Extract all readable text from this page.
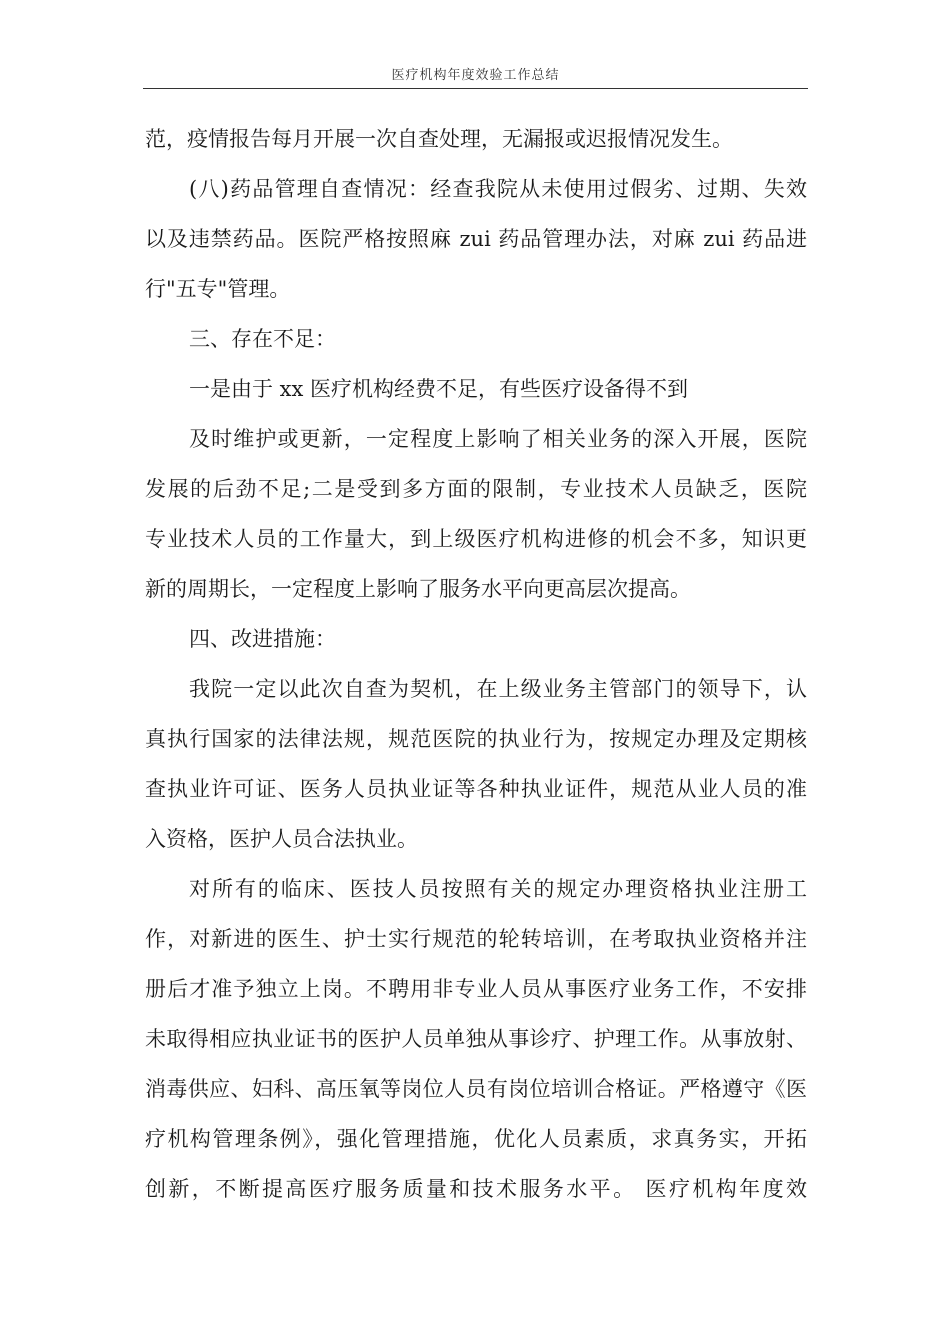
医疗机构年度效验工作总结
范，疫情报告每月开展一次自查处理，无漏报或迟报情况发生。
(八)药品管理自查情况：经查我院从未使用过假劣、过期、失效
以及违禁药品。医院严格按照麻 zui 药品管理办法，对麻 zui 药品进
行"五专"管理。
三、存在不足：
一是由于 xx 医疗机构经费不足，有些医疗设备得不到
及时维护或更新，一定程度上影响了相关业务的深入开展，医院
发展的后劲不足;二是受到多方面的限制，专业技术人员缺乏，医院
专业技术人员的工作量大，到上级医疗机构进修的机会不多，知识更
新的周期长，一定程度上影响了服务水平向更高层次提高。
四、改进措施：
我院一定以此次自查为契机，在上级业务主管部门的领导下，认
真执行国家的法律法规，规范医院的执业行为，按规定办理及定期核
查执业许可证、医务人员执业证等各种执业证件，规范从业人员的准
入资格，医护人员合法执业。
对所有的临床、医技人员按照有关的规定办理资格执业注册工
作，对新进的医生、护士实行规范的轮转培训，在考取执业资格并注
册后才准予独立上岗。不聘用非专业人员从事医疗业务工作，不安排
未取得相应执业证书的医护人员单独从事诊疗、护理工作。从事放射、
消毒供应、妇科、高压氧等岗位人员有岗位培训合格证。严格遵守《医
疗机构管理条例》，强化管理措施，优化人员素质，求真务实，开拓
创新，不断提高医疗服务质量和技术服务水平。 医疗机构年度效
